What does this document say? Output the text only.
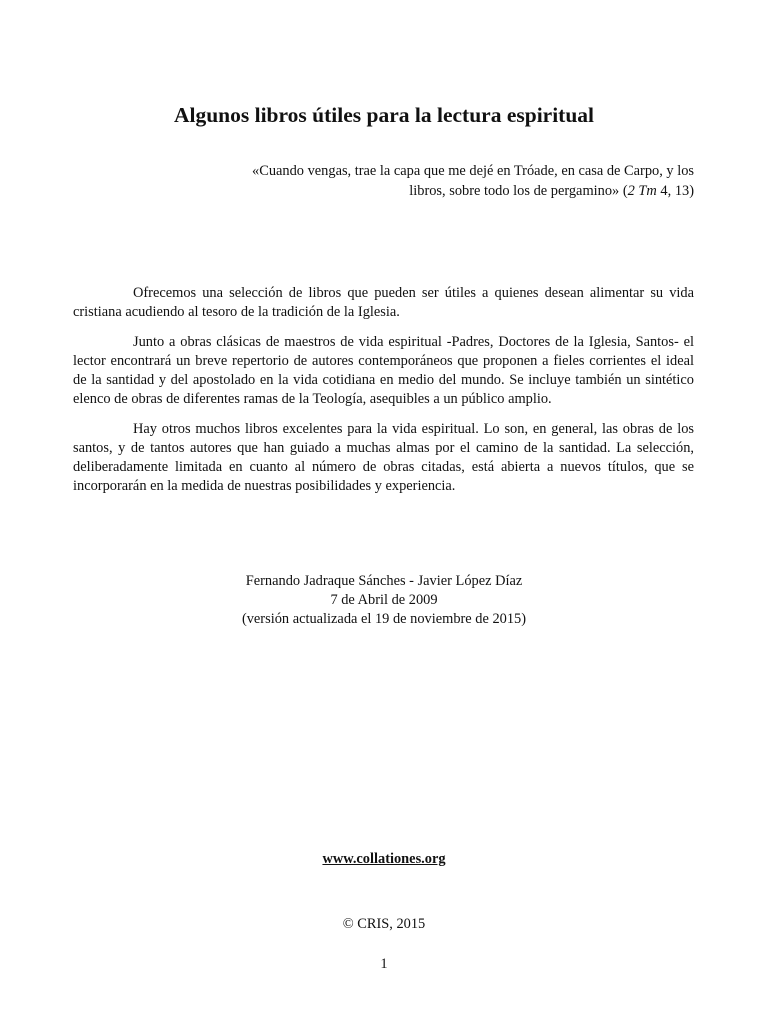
Algunos libros útiles para la lectura espiritual
«Cuando vengas, trae la capa que me dejé en Tróade, en casa de Carpo, y los
libros, sobre todo los de pergamino» (2 Tm 4, 13)

Ofrecemos una selección de libros que pueden ser útiles a quienes desean alimentar su vida cristiana acudiendo al tesoro de la tradición de la Iglesia.

Junto a obras clásicas de maestros de vida espiritual -Padres, Doctores de la Iglesia, Santos- el lector encontrará un breve repertorio de autores contemporáneos que proponen a fieles corrientes el ideal de la santidad y del apostolado en la vida cotidiana en medio del mundo. Se incluye también un sintético elenco de obras de diferentes ramas de la Teología, asequibles a un público amplio.

Hay otros muchos libros excelentes para la vida espiritual. Lo son, en general, las obras de los santos, y de tantos autores que han guiado a muchas almas por el camino de la santidad. La selección, deliberadamente limitada en cuanto al número de obras citadas, está abierta a nuevos títulos, que se incorporarán en la medida de nuestras posibilidades y experiencia.

Fernando Jadraque Sánches - Javier López Díaz
7 de Abril de 2009
(versión actualizada el 19 de noviembre de 2015)
www.collationes.org
© CRIS, 2015
1
